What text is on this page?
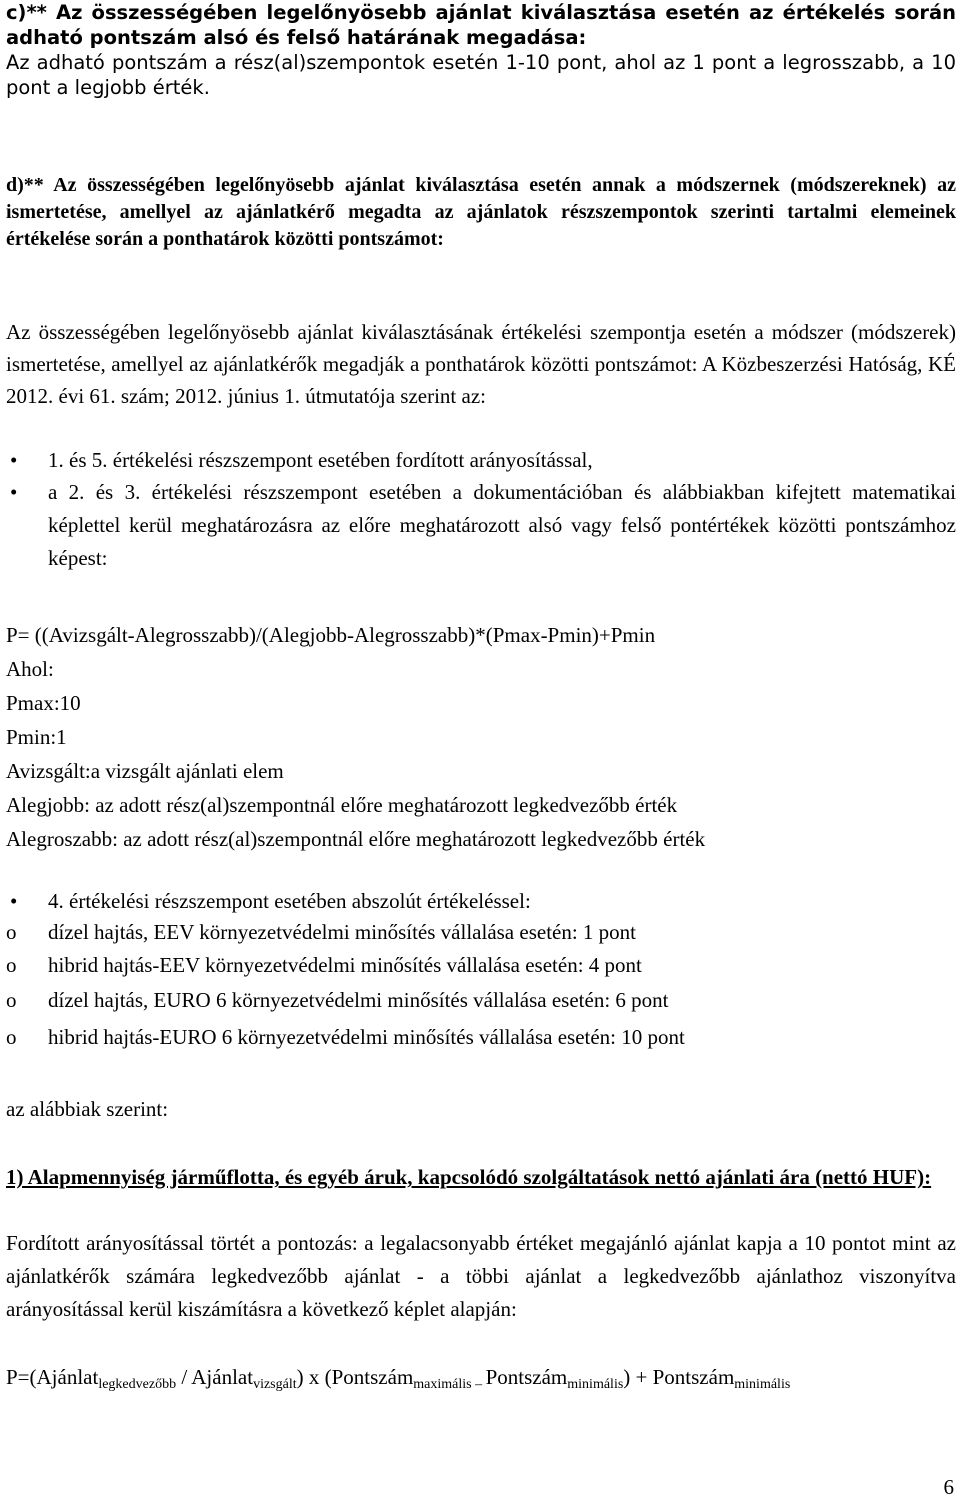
c)** Az összességében legelőnyösebb ajánlat kiválasztása esetén az értékelés során adható pontszám alsó és felső határának megadása:

Az adható pontszám a rész(al)szempontok esetén 1-10 pont, ahol az 1 pont a legrosszabb, a 10 pont a legjobb érték.

d)** Az összességében legelőnyösebb ajánlat kiválasztása esetén annak a módszernek (módszereknek) az ismertetése, amellyel az ajánlatkérő megadta az ajánlatok részszempontok szerinti tartalmi elemeinek értékelése során a ponthatárok közötti pontszámot:

Az összességében legelőnyösebb ajánlat kiválasztásának értékelési szempontja esetén a módszer (módszerek) ismertetése, amellyel az ajánlatkérők megadják a ponthatárok közötti pontszámot: A Közbeszerzési Hatóság, KÉ 2012. évi 61. szám; 2012. június 1. útmutatója szerint az:

•	1. és 5. értékelési részszempont esetében fordított arányosítással,
•	a 2. és 3. értékelési részszempont esetében a dokumentációban és alábbiakban kifejtett matematikai képlettel kerül meghatározásra az előre meghatározott alsó vagy felső pontértékek közötti pontszámhoz képest:
P= ((Avizsgált-Alegrosszabb)/(Alegjobb-Alegrosszabb)*(Pmax-Pmin)+Pmin
Ahol:
Pmax:10
Pmin:1
Avizsgált:a vizsgált ajánlati elem
Alegjobb: az adott rész(al)szempontnál előre meghatározott legkedvezőbb érték
Alegroszabb: az adott rész(al)szempontnál előre meghatározott legkedvezőbb érték
•	4. értékelési részszempont esetében abszolút értékeléssel:
o	dízel hajtás, EEV környezetvédelmi minősítés vállalása esetén: 1 pont
o	hibrid hajtás-EEV környezetvédelmi minősítés vállalása esetén: 4 pont
o	dízel hajtás, EURO 6 környezetvédelmi minősítés vállalása esetén: 6 pont
o	hibrid hajtás-EURO 6 környezetvédelmi minősítés vállalása esetén: 10 pont

az alábbiak szerint:

1) Alapmennyiség járműflotta, és egyéb áruk, kapcsolódó szolgáltatások nettó ajánlati ára (nettó HUF):

Fordított arányosítással törtét a pontozás: a legalacsonyabb értéket megajánló ajánlat kapja a 10 pontot mint az ajánlatkérők számára legkedvezőbb ajánlat - a többi ajánlat a legkedvezőbb ajánlathoz viszonyítva arányosítással kerül kiszámításra a következő képlet alapján:

P=(Ajánlat$_{legkedvezőbb}$ / Ajánlat$_{vizsgált}$) x (Pontszám$_{maximális -}$ Pontszám$_{minimális}$) + Pontszám$_{minimális}$
6
